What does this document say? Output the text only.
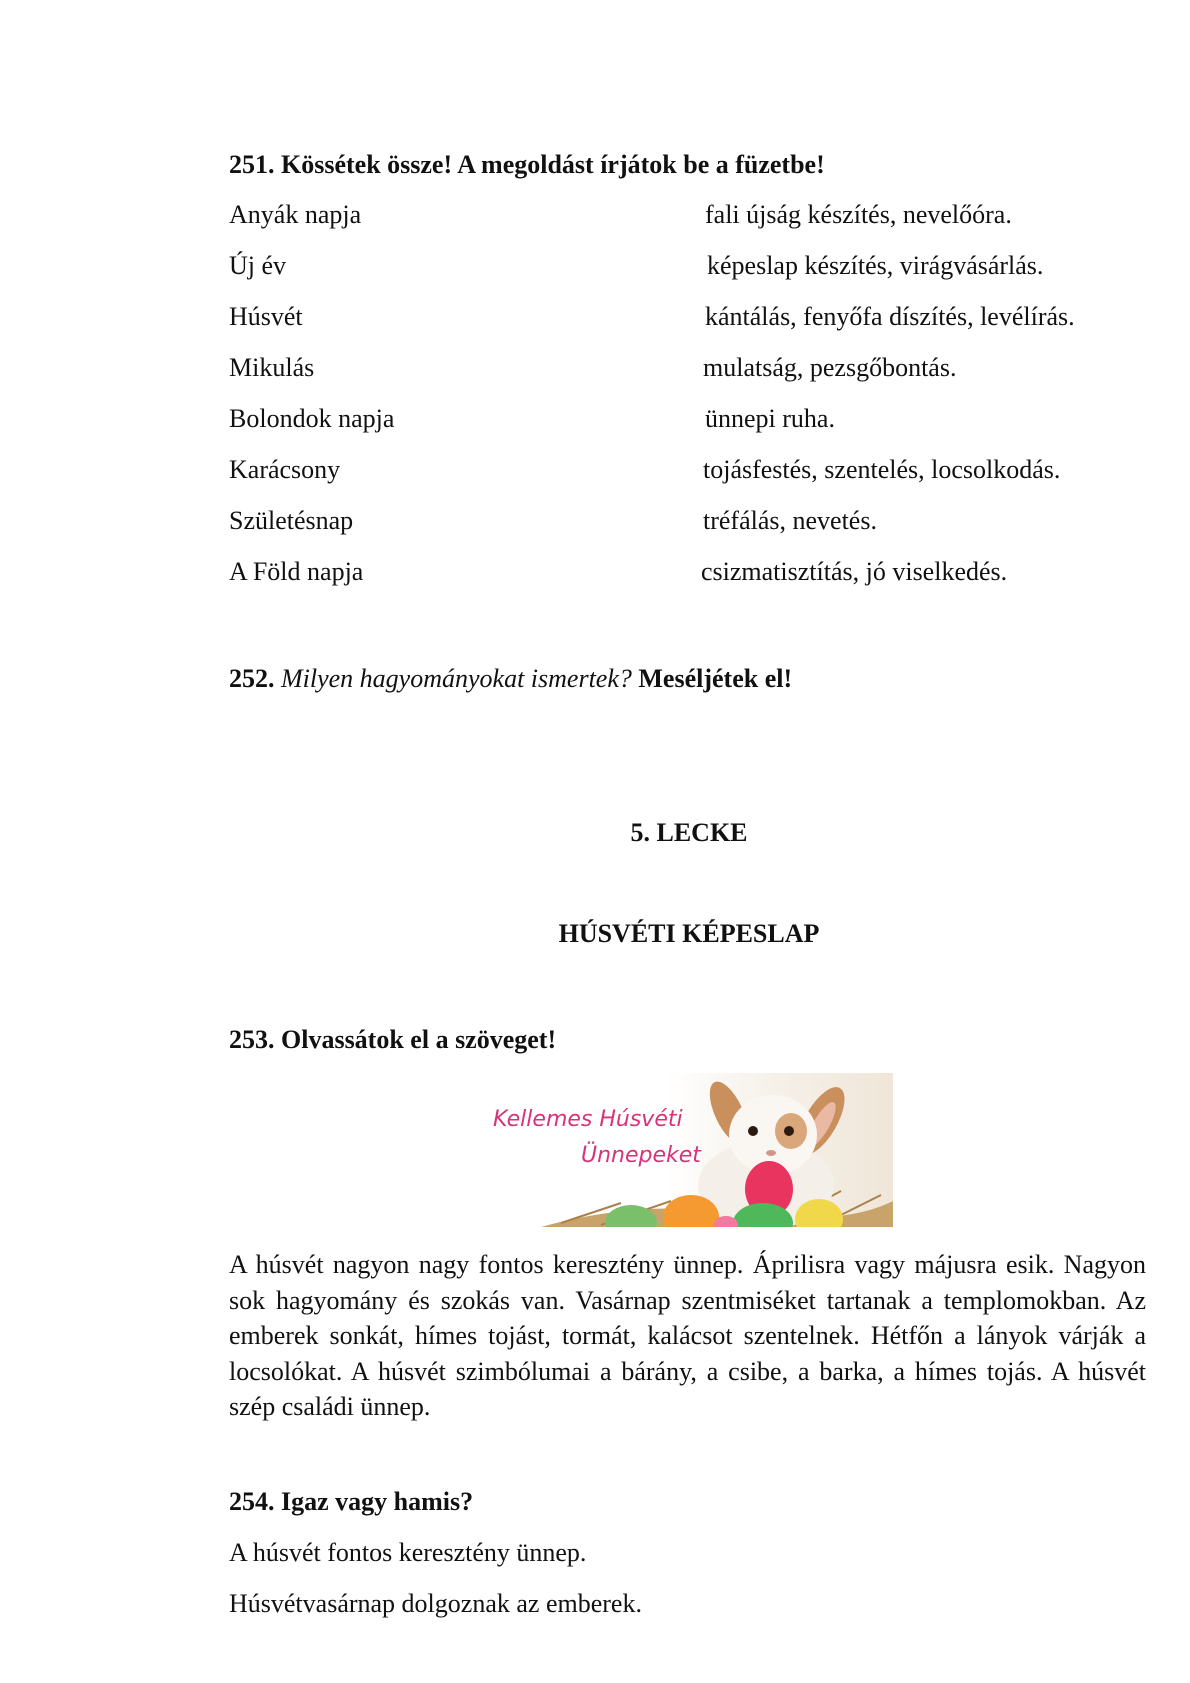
251. Kössétek össze! A megoldást írjátok be a füzetbe!
Anyák napja	fali újság készítés, nevelőóra.
Új év	képeslap készítés, virágvásárlás.
Húsvét	kántálás, fenyőfa díszítés, levélírás.
Mikulás	mulatság, pezsgőbontás.
Bolondok napja	ünnepi ruha.
Karácsony	tojásfestés, szentelés, locsolkodás.
Születésnap	tréfálás, nevetés.
A Föld napja	csizmatisztítás, jó viselkedés.

252. Milyen hagyományokat ismertek? Meséljétek el!

5. LECKE
HÚSVÉTI KÉPESLAP
253. Olvassátok el a szöveget!
Kellemes Húsvéti
Ünnepeket

A húsvét nagyon nagy fontos keresztény ünnep. Áprilisra vagy májusra esik. Nagyon sok hagyomány és szokás van. Vasárnap szentmiséket tartanak a templomokban. Az emberek sonkát, hímes tojást, tormát, kalácsot szentelnek. Hétfőn a lányok várják a locsolókat. A húsvét szimbólumai a bárány, a csibe, a barka, a hímes tojás. A húsvét szép családi ünnep.

254. Igaz vagy hamis?

A húsvét fontos keresztény ünnep.

Húsvétvasárnap dolgoznak az emberek.
